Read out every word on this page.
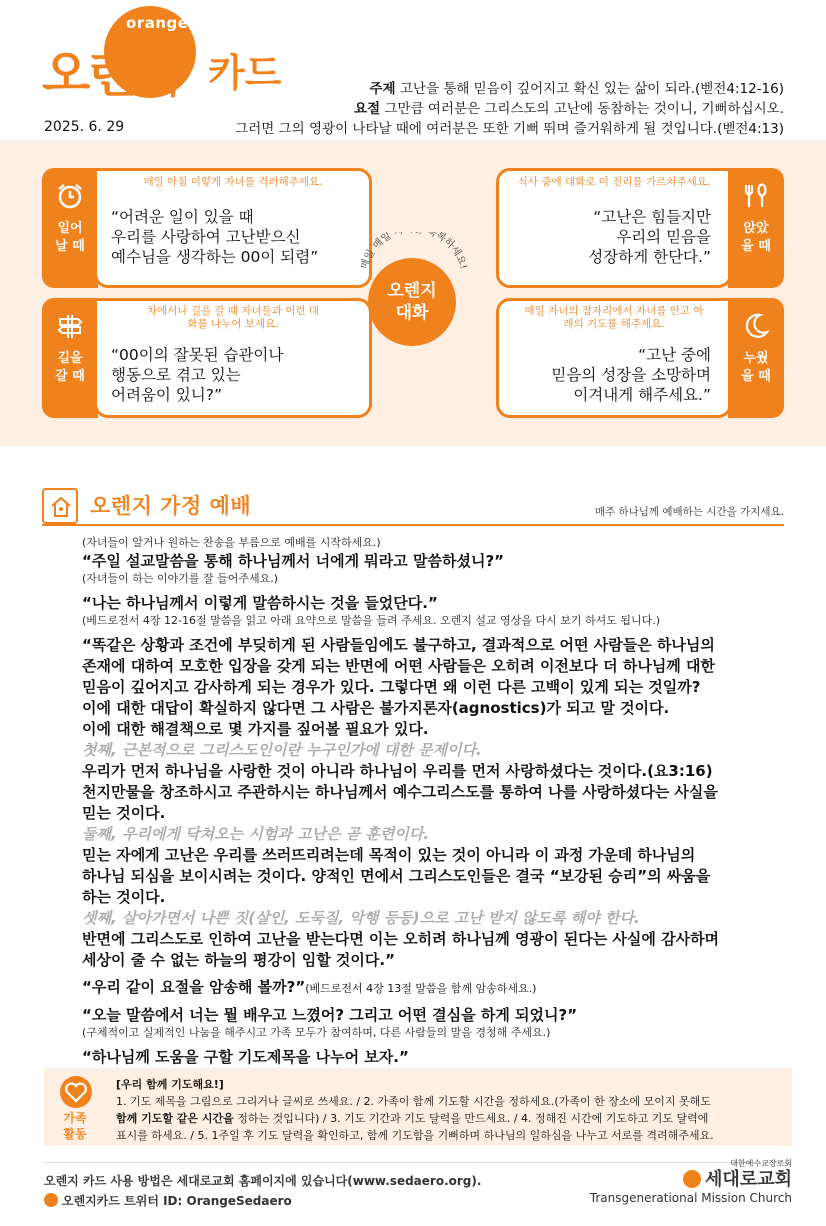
orange
오렌지 카드
2025. 6. 29
주제 고난을 통해 믿음이 깊어지고 확신 있는 삶이 되라.(벧전4:12-16)
요절 그만큼 여러분은 그리스도의 고난에 동참하는 것이니, 기뻐하십시오.
그러면 그의 영광이 나타날 때에 여러분은 또한 기뻐 뛰며 즐거워하게 될 것입니다.(벧전4:13)
일어날 때
매일 아침 이렇게 자녀를 격려해주세요.
“어려운 일이 있을 때
우리를 사랑하여 고난받으신
예수님을 생각하는 00이 되렴”
식사 중에 대화로 이 진리를 가르쳐주세요.
“고난은 힘들지만
우리의 믿음을
성장하게 한단다.”
앉았을 때
길을 갈 때
차에서나 길을 갈 때 자녀들과 이런 대화를 나누어 보세요.
“00이의 잘못된 습관이나
행동으로 겪고 있는
어려움이 있니?”
매일 자녀의 잠자리에서 자녀를 안고 아래의 기도를 해주세요.
“고난 중에
믿음의 성장을 소망하며
이겨내게 해주세요.”
누웠을 때
매일 매일 축복하세요!
오렌지 대화
오렌지 가정 예배	매주 하나님께 예배하는 시간을 가지세요.
(자녀들이 알거나 원하는 찬송을 부름으로 예배를 시작하세요.)
“주일 설교말씀을 통해 하나님께서 너에게 뭐라고 말씀하셨니?”
(자녀들이 하는 이야기를 잘 들어주세요.)
“나는 하나님께서 이렇게 말씀하시는 것을 들었단다.”
(베드로전서 4장 12-16절 말씀을 읽고 아래 요약으로 말씀을 들려 주세요. 오렌지 설교 영상을 다시 보기 하셔도 됩니다.)
“똑같은 상황과 조건에 부딪히게 된 사람들임에도 불구하고, 결과적으로 어떤 사람들은 하나님의
존재에 대하여 모호한 입장을 갖게 되는 반면에 어떤 사람들은 오히려 이전보다 더 하나님께 대한
믿음이 깊어지고 감사하게 되는 경우가 있다. 그렇다면 왜 이런 다른 고백이 있게 되는 것일까?
이에 대한 대답이 확실하지 않다면 그 사람은 불가지론자(agnostics)가 되고 말 것이다.
이에 대한 해결책으로 몇 가지를 짚어볼 필요가 있다.
첫째, 근본적으로 그리스도인이란 누구인가에 대한 문제이다.
우리가 먼저 하나님을 사랑한 것이 아니라 하나님이 우리를 먼저 사랑하셨다는 것이다.(요3:16)
천지만물을 창조하시고 주관하시는 하나님께서 예수그리스도를 통하여 나를 사랑하셨다는 사실을
믿는 것이다.
둘째, 우리에게 닥쳐오는 시험과 고난은 곧 훈련이다.
믿는 자에게 고난은 우리를 쓰러뜨리려는데 목적이 있는 것이 아니라 이 과정 가운데 하나님의
하나님 되심을 보이시려는 것이다. 양적인 면에서 그리스도인들은 결국 “보강된 승리”의 싸움을
하는 것이다.
셋째, 살아가면서 나쁜 짓(살인, 도둑질, 악행 등등)으로 고난 받지 않도록 해야 한다.
반면에 그리스도로 인하여 고난을 받는다면 이는 오히려 하나님께 영광이 된다는 사실에 감사하며
세상이 줄 수 없는 하늘의 평강이 임할 것이다.”
“우리 같이 요절을 암송해 볼까?”(베드로전서 4장 13절 말씀을 함께 암송하세요.)
“오늘 말씀에서 너는 뭘 배우고 느꼈어? 그리고 어떤 결심을 하게 되었니?”
(구체적이고 실제적인 나눔을 해주시고 가족 모두가 참여하며, 다른 사람들의 말을 경청해 주세요.)
“하나님께 도움을 구할 기도제목을 나누어 보자.”
가족 활동
[우리 함께 기도해요!]
1. 기도 제목을 그림으로 그리거나 글씨로 쓰세요. / 2. 가족이 함께 기도할 시간을 정하세요.(가족이 한 장소에 모이지 못해도
함께 기도할 같은 시간을 정하는 것입니다) / 3. 기도 기간과 기도 달력을 만드세요. / 4. 정해진 시간에 기도하고 기도 달력에
표시를 하세요. / 5. 1주일 후 기도 달력을 확인하고, 함께 기도함을 기뻐하며 하나님의 일하심을 나누고 서로를 격려해주세요.
오렌지 카드 사용 방법은 세대로교회 홈페이지에 있습니다(www.sedaero.org).
오렌지카드 트위터 ID: OrangeSedaero
대한예수교장로회
세대로교회
Transgenerational Mission Church
